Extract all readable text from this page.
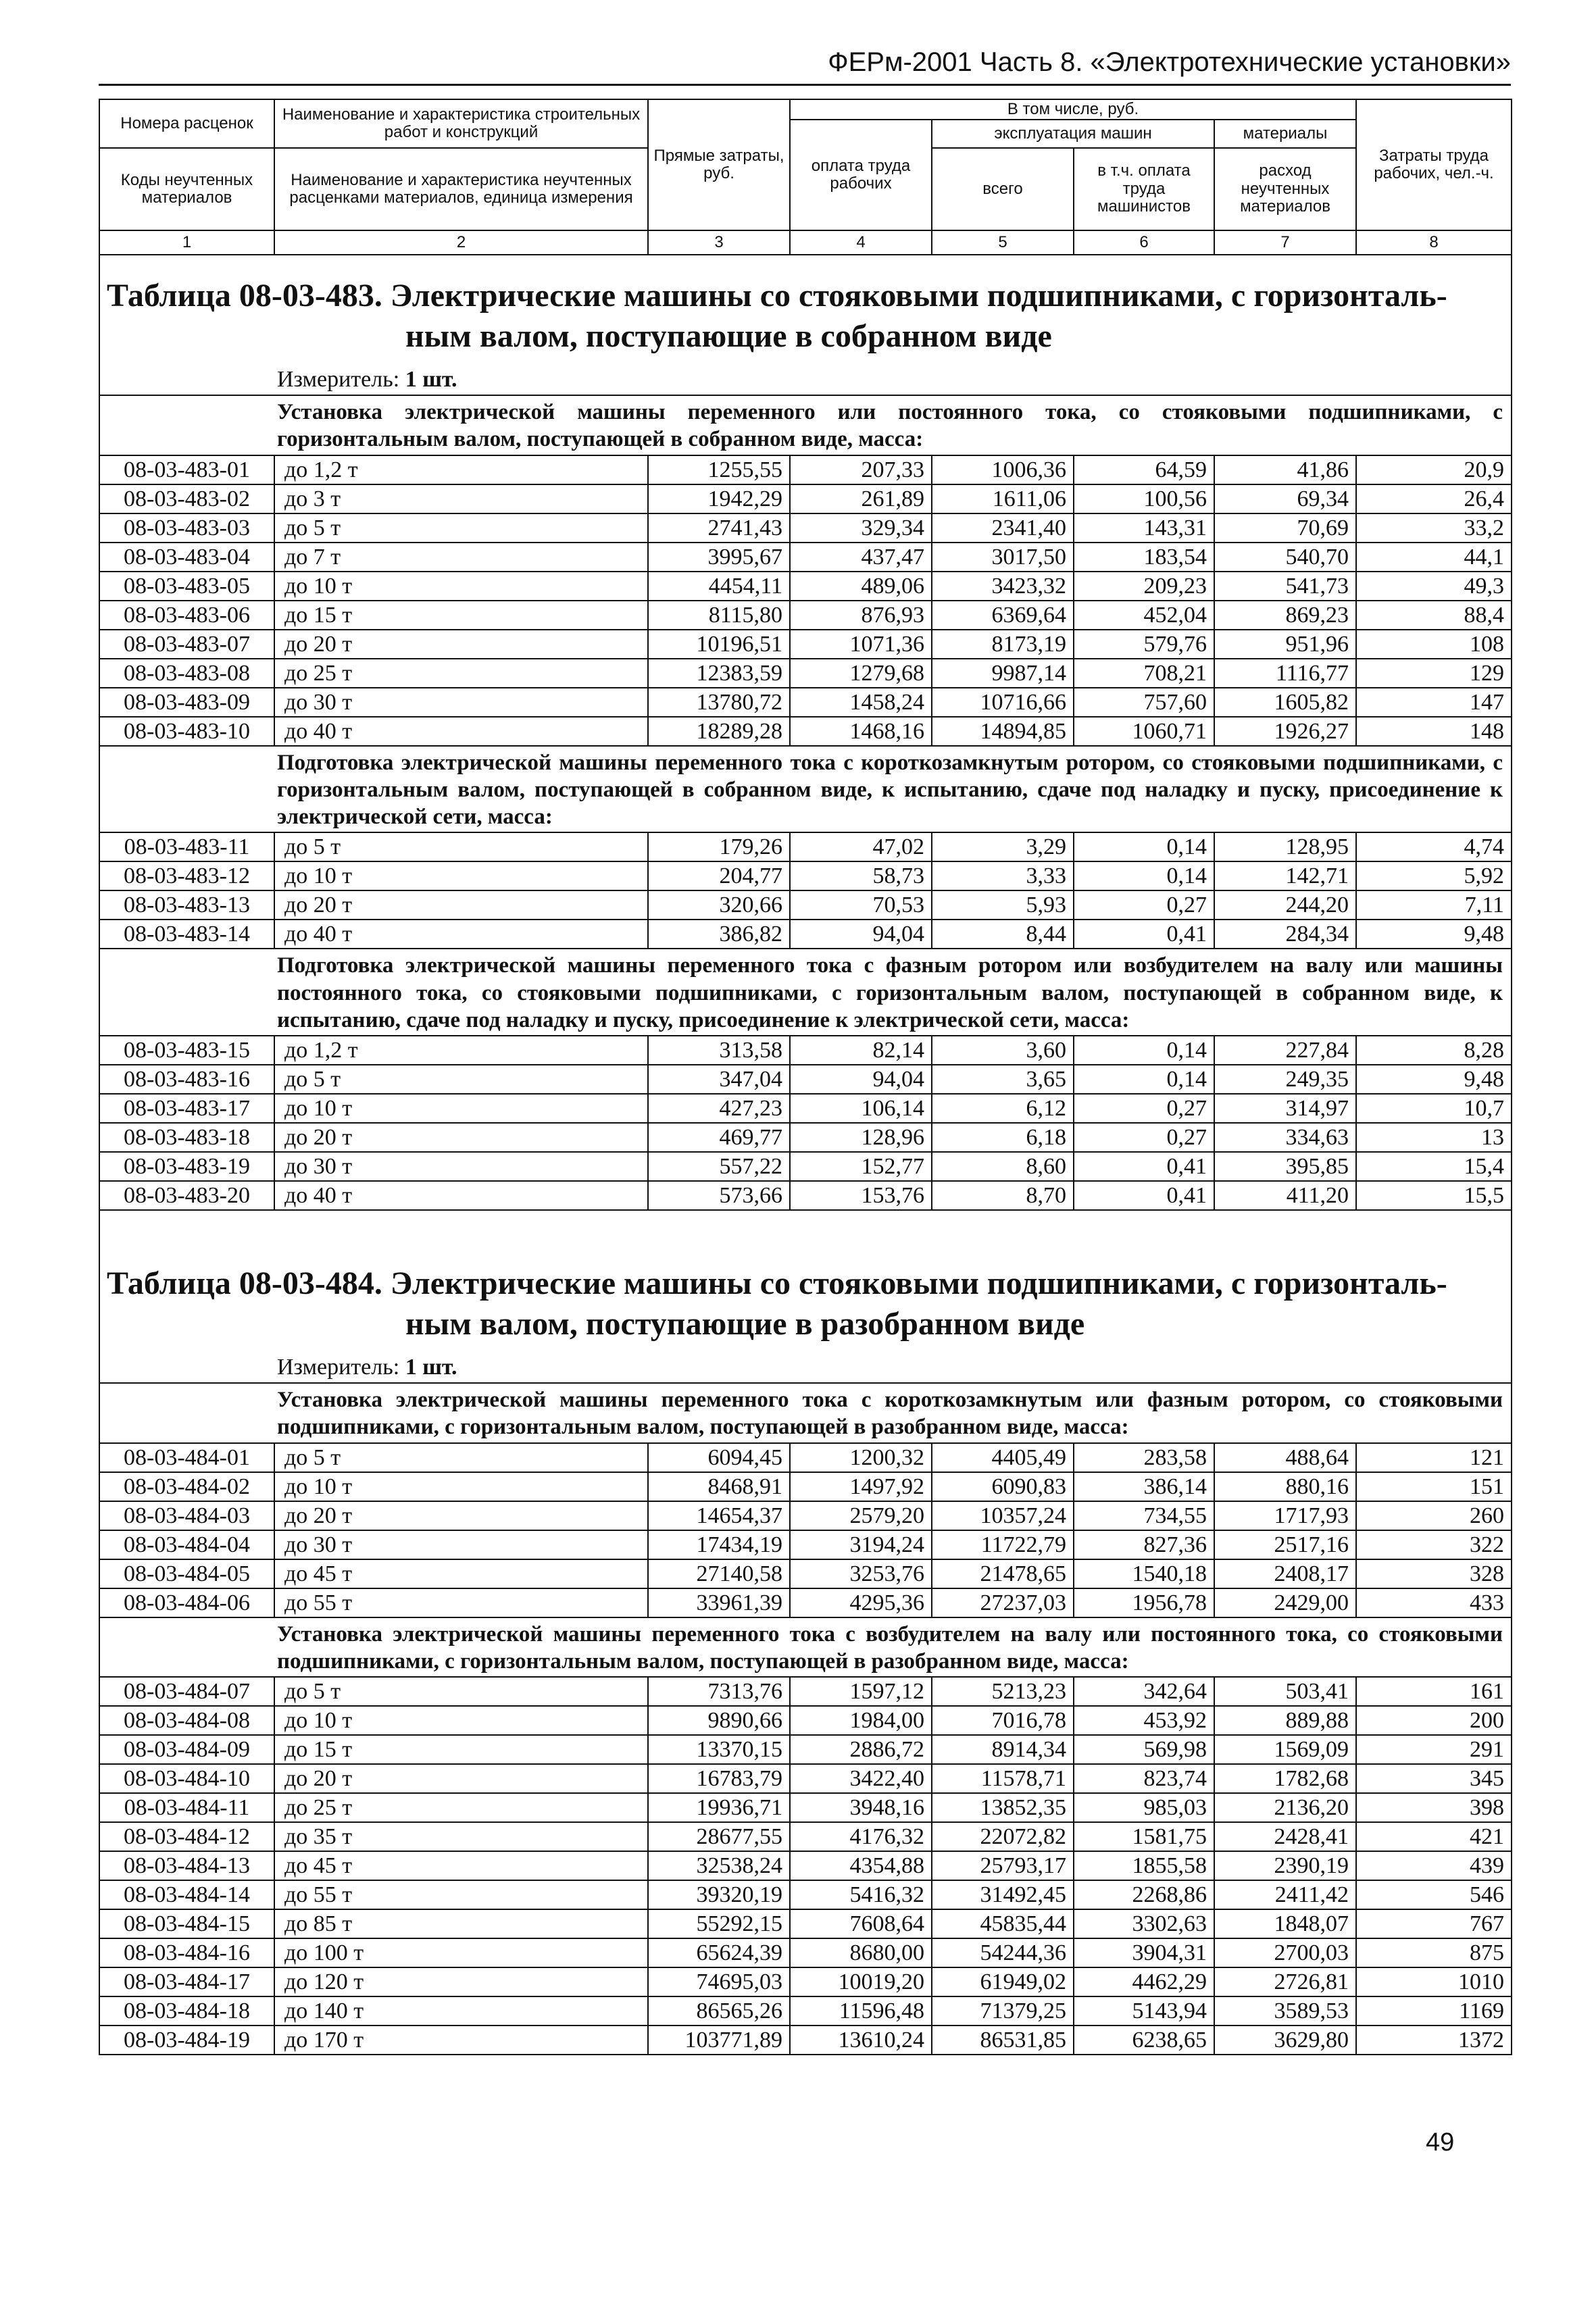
ФЕРм-2001 Часть 8. «Электротехнические установки»
Номера расценок	Наименование и характеристика строительных работ и конструкций	Прямые затраты, руб.	В том числе, руб.				Затраты труда рабочих, чел.-ч.
			оплата труда рабочих	эксплуатация машин		материалы	
Коды неучтенных материалов	Наименование и характеристика неучтенных расценками материалов, единица измерения			всего	в т.ч. оплата труда машинистов	расход неучтенных материалов	
1	2	3	4	5	6	7	8

Таблица 08-03-483. Электрические машины со стояковыми подшипниками, с горизонталь-
ным валом, поступающие в собранном виде							

Измеритель: 1 шт.							
Установка электрической машины переменного или постоянного тока, со стояковыми подшипниками, с горизонтальным валом, поступающей в собранном виде, масса:							
08-03-483-01	до 1,2 т	1255,55	207,33	1006,36	64,59	41,86	20,9
08-03-483-02	до 3 т	1942,29	261,89	1611,06	100,56	69,34	26,4
08-03-483-03	до 5 т	2741,43	329,34	2341,40	143,31	70,69	33,2
08-03-483-04	до 7 т	3995,67	437,47	3017,50	183,54	540,70	44,1
08-03-483-05	до 10 т	4454,11	489,06	3423,32	209,23	541,73	49,3
08-03-483-06	до 15 т	8115,80	876,93	6369,64	452,04	869,23	88,4
08-03-483-07	до 20 т	10196,51	1071,36	8173,19	579,76	951,96	108
08-03-483-08	до 25 т	12383,59	1279,68	9987,14	708,21	1116,77	129
08-03-483-09	до 30 т	13780,72	1458,24	10716,66	757,60	1605,82	147
08-03-483-10	до 40 т	18289,28	1468,16	14894,85	1060,71	1926,27	148
Подготовка электрической машины переменного тока с короткозамкнутым ротором, со стояковыми подшипниками, с горизонтальным валом, поступающей в собранном виде, к испытанию, сдаче под наладку и пуску, присоединение к электрической сети, масса:							
08-03-483-11	до 5 т	179,26	47,02	3,29	0,14	128,95	4,74
08-03-483-12	до 10 т	204,77	58,73	3,33	0,14	142,71	5,92
08-03-483-13	до 20 т	320,66	70,53	5,93	0,27	244,20	7,11
08-03-483-14	до 40 т	386,82	94,04	8,44	0,41	284,34	9,48
Подготовка электрической машины переменного тока с фазным ротором или возбудителем на валу или машины постоянного тока, со стояковыми подшипниками, с горизонтальным валом, поступающей в собранном виде, к испытанию, сдаче под наладку и пуску, присоединение к электрической сети, масса:							
08-03-483-15	до 1,2 т	313,58	82,14	3,60	0,14	227,84	8,28
08-03-483-16	до 5 т	347,04	94,04	3,65	0,14	249,35	9,48
08-03-483-17	до 10 т	427,23	106,14	6,12	0,27	314,97	10,7
08-03-483-18	до 20 т	469,77	128,96	6,18	0,27	334,63	13
08-03-483-19	до 30 т	557,22	152,77	8,60	0,41	395,85	15,4
08-03-483-20	до 40 т	573,66	153,76	8,70	0,41	411,20	15,5

Таблица 08-03-484. Электрические машины со стояковыми подшипниками, с горизонталь-
ным валом, поступающие в разобранном виде							

Измеритель: 1 шт.							
Установка электрической машины переменного тока с короткозамкнутым или фазным ротором, со стояковыми подшипниками, с горизонтальным валом, поступающей в разобранном виде, масса:							
08-03-484-01	до 5 т	6094,45	1200,32	4405,49	283,58	488,64	121
08-03-484-02	до 10 т	8468,91	1497,92	6090,83	386,14	880,16	151
08-03-484-03	до 20 т	14654,37	2579,20	10357,24	734,55	1717,93	260
08-03-484-04	до 30 т	17434,19	3194,24	11722,79	827,36	2517,16	322
08-03-484-05	до 45 т	27140,58	3253,76	21478,65	1540,18	2408,17	328
08-03-484-06	до 55 т	33961,39	4295,36	27237,03	1956,78	2429,00	433
Установка электрической машины переменного тока с возбудителем на валу или постоянного тока, со стояковыми подшипниками, с горизонтальным валом, поступающей в разобранном виде, масса:							
08-03-484-07	до 5 т	7313,76	1597,12	5213,23	342,64	503,41	161
08-03-484-08	до 10 т	9890,66	1984,00	7016,78	453,92	889,88	200
08-03-484-09	до 15 т	13370,15	2886,72	8914,34	569,98	1569,09	291
08-03-484-10	до 20 т	16783,79	3422,40	11578,71	823,74	1782,68	345
08-03-484-11	до 25 т	19936,71	3948,16	13852,35	985,03	2136,20	398
08-03-484-12	до 35 т	28677,55	4176,32	22072,82	1581,75	2428,41	421
08-03-484-13	до 45 т	32538,24	4354,88	25793,17	1855,58	2390,19	439
08-03-484-14	до 55 т	39320,19	5416,32	31492,45	2268,86	2411,42	546
08-03-484-15	до 85 т	55292,15	7608,64	45835,44	3302,63	1848,07	767
08-03-484-16	до 100 т	65624,39	8680,00	54244,36	3904,31	2700,03	875
08-03-484-17	до 120 т	74695,03	10019,20	61949,02	4462,29	2726,81	1010
08-03-484-18	до 140 т	86565,26	11596,48	71379,25	5143,94	3589,53	1169
08-03-484-19	до 170 т	103771,89	13610,24	86531,85	6238,65	3629,80	1372
49
